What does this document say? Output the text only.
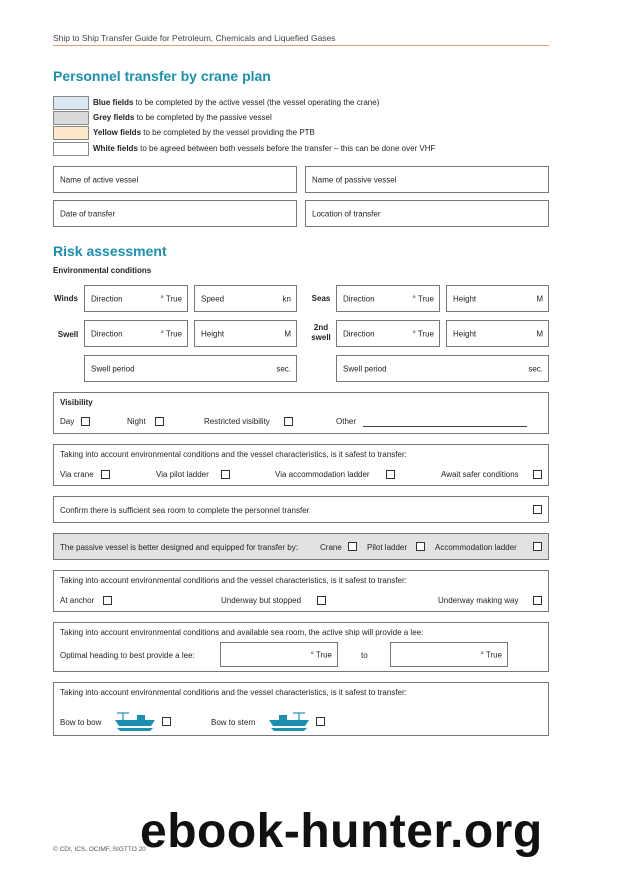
Ship to Ship Transfer Guide for Petroleum, Chemicals and Liquefied Gases
Personnel transfer by crane plan
Blue fields to be completed by the active vessel (the vessel operating the crane)
Grey fields to be completed by the passive vessel
Yellow fields to be completed by the vessel providing the PTB
White fields to be agreed between both vessels before the transfer – this can be done over VHF
Name of active vessel	Name of passive vessel
Date of transfer	Location of transfer
Risk assessment
Environmental conditions
Winds	Direction	° True Speed	kn	Seas	Direction	° True Height	M
Swell	Direction	° True Height	M
2nd swell	Direction	° True Height	M
Swell period	sec.	Swell period	sec.
Visibility
Day	Night	Restricted visibility	Other
Taking into account environmental conditions and the vessel characteristics, is it safest to transfer:
Via crane	Via pilot ladder	Via accommodation ladder	Await safer conditions
Confirm there is sufficient sea room to complete the personnel transfer
The passive vessel is better designed and equipped for transfer by:	Crane	Pilot ladder	Accommodation ladder
Taking into account environmental conditions and the vessel characteristics, is it safest to transfer:
At anchor	Underway but stopped	Underway making way
Taking into account environmental conditions and available sea room, the active ship will provide a lee:
Optimal heading to best provide a lee:	° True	to	° True
Taking into account environmental conditions and the vessel characteristics, is it safest to transfer:
Bow to bow	Bow to stern
© CDI, ICS, OCIMF, SIGTTO 20
ebook-hunter.org
